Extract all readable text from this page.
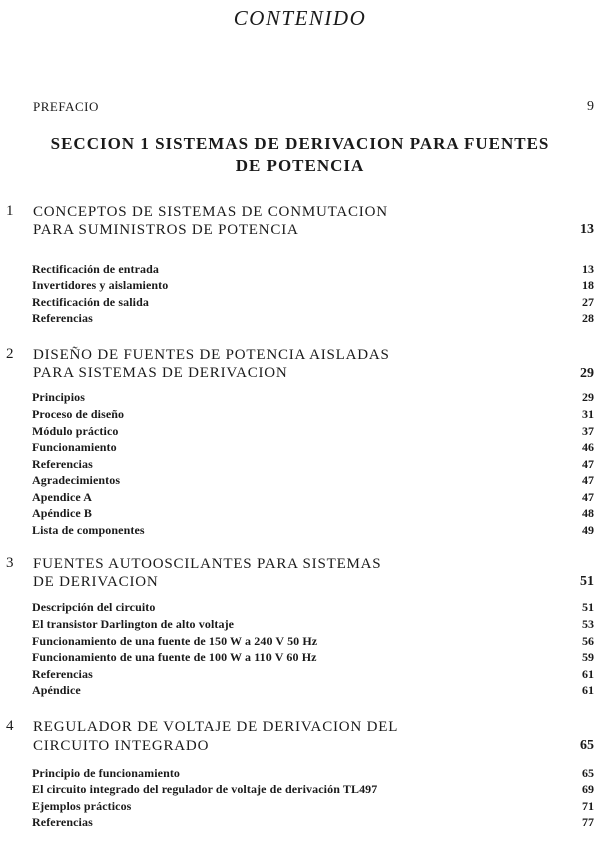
CONTENIDO
PREFACIO	9
SECCION 1 SISTEMAS DE DERIVACION PARA FUENTES
DE POTENCIA
1 CONCEPTOS DE SISTEMAS DE CONMUTACION
PARA SUMINISTROS DE POTENCIA	13
Rectificación de entrada	13
Invertidores y aislamiento	18
Rectificación de salida	27
Referencias	28
2 DISEÑO DE FUENTES DE POTENCIA AISLADAS
PARA SISTEMAS DE DERIVACION	29
Principios	29
Proceso de diseño	31
Módulo práctico	37
Funcionamiento	46
Referencias	47
Agradecimientos	47
Apendice A	47
Apéndice B	48
Lista de componentes	49
3 FUENTES AUTOOSCILANTES PARA SISTEMAS
DE DERIVACION	51
Descripción del circuito	51
El transistor Darlington de alto voltaje	53
Funcionamiento de una fuente de 150 W a 240 V 50 Hz	56
Funcionamiento de una fuente de 100 W a 110 V 60 Hz	59
Referencias	61
Apéndice	61
4 REGULADOR DE VOLTAJE DE DERIVACION DEL
CIRCUITO INTEGRADO	65
Principio de funcionamiento	65
El circuito integrado del regulador de voltaje de derivación TL497	69
Ejemplos prácticos	71
Referencias	77
